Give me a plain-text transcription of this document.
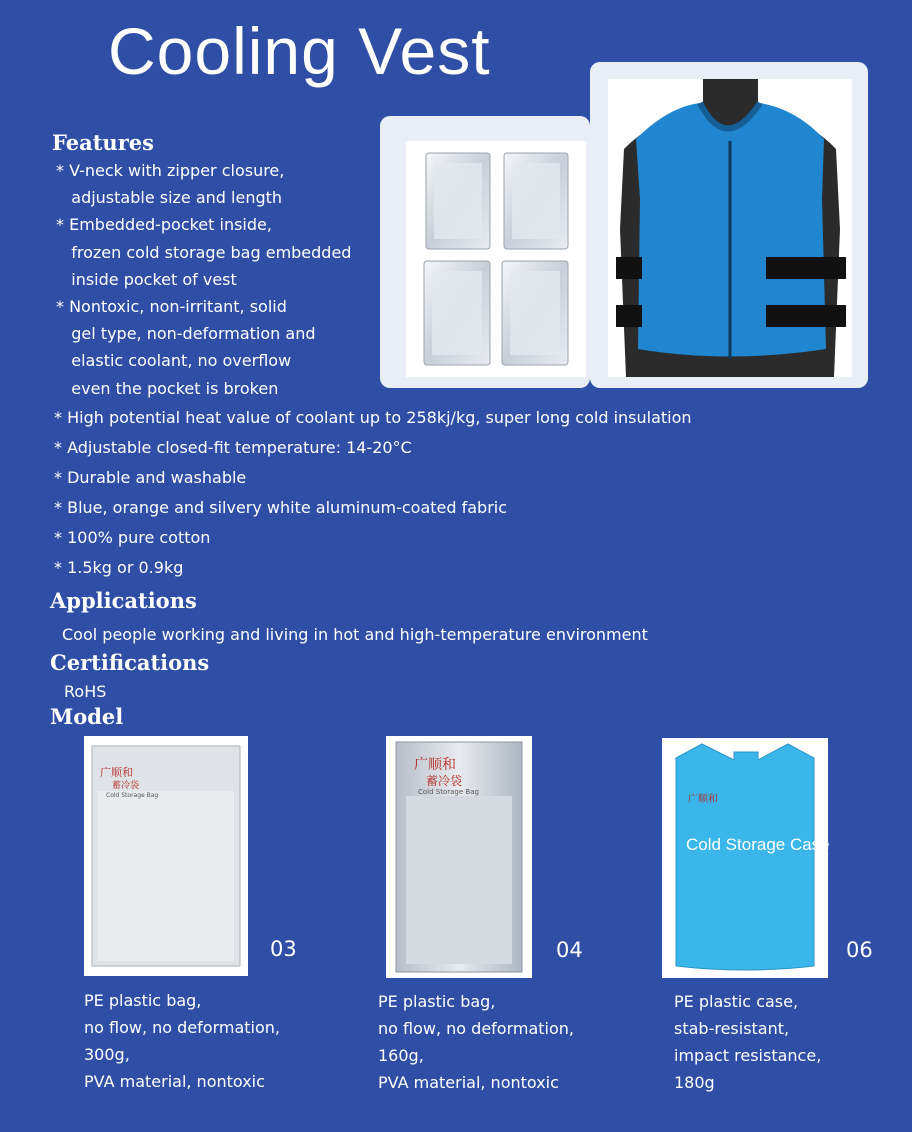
Cooling Vest
Features
* V-neck with zipper closure,
adjustable size and length
* Embedded-pocket inside,
frozen cold storage bag embedded
inside pocket of vest
* Nontoxic, non-irritant, solid
gel type, non-deformation and
elastic coolant, no overflow
even the pocket is broken
* High potential heat value of coolant up to 258kj/kg, super long cold insulation
* Adjustable closed-fit temperature: 14-20°C
* Durable and washable
* Blue, orange and silvery white aluminum-coated fabric
* 100% pure cotton
* 1.5kg or 0.9kg
Applications
Cool people working and living in hot and high-temperature environment
Certifications
RoHS
Model
广顺和
蓄冷袋
Cold Storage Bag
03
PE plastic bag,
no flow, no deformation,
300g,
PVA material, nontoxic
广顺和
蓄冷袋
Cold Storage Bag
04
PE plastic bag,
no flow, no deformation,
160g,
PVA material, nontoxic
广顺和
Cold Storage Case
06
PE plastic case,
stab-resistant,
impact resistance,
180g
